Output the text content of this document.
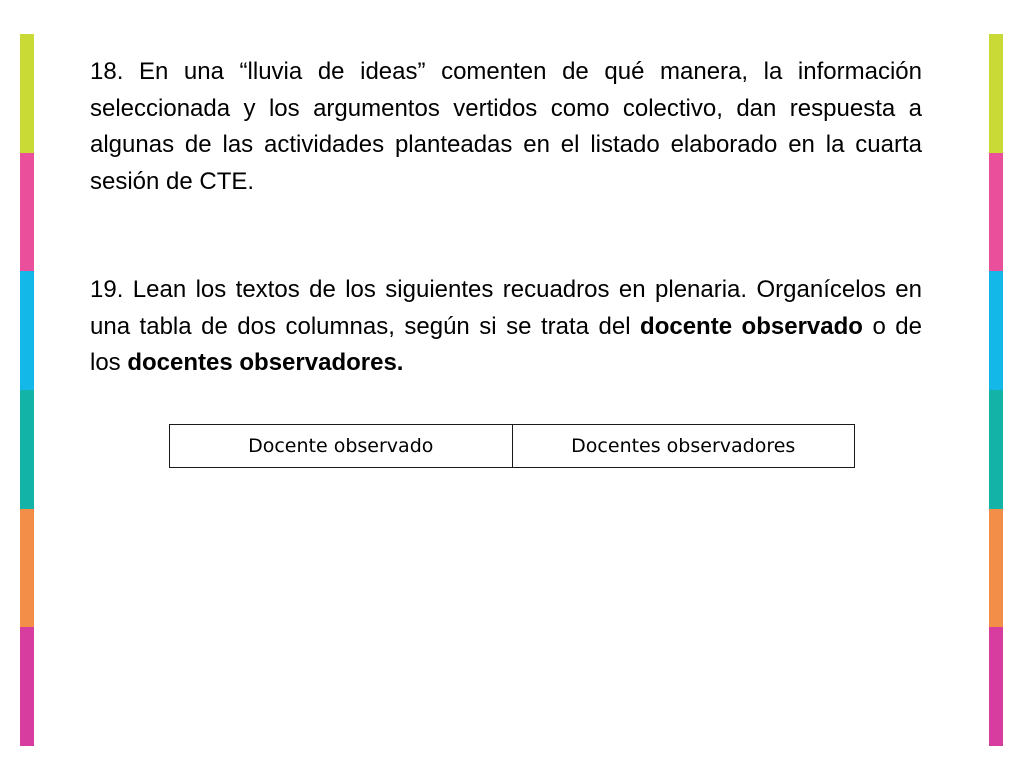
18. En una “lluvia de ideas” comenten de qué manera, la información seleccionada y los argumentos vertidos como colectivo, dan respuesta a algunas de las actividades planteadas en el listado elaborado en la cuarta sesión de CTE.

19. Lean los textos de los siguientes recuadros en plenaria. Organícelos en una tabla de dos columnas, según si se trata del docente observado o de los docentes observadores.

Docente observado	Docentes observadores
